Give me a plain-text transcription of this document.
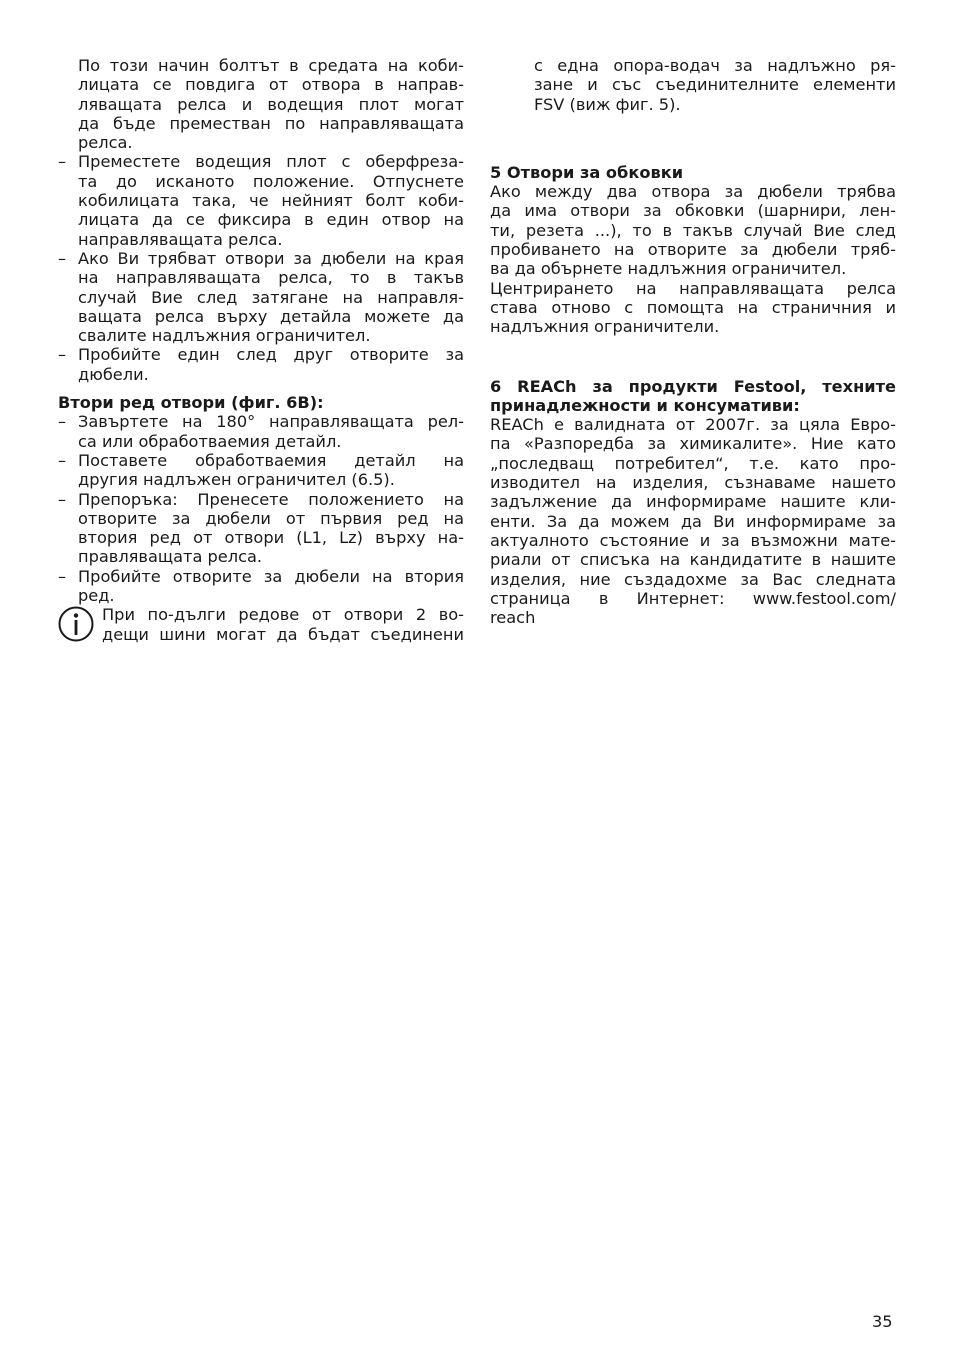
По този начин болтът в средата на коби-
лицата се повдига от отвора в направ-
ляващата релса и водещия плот могат
да бъде преместван по направляващата
релса.
– Преместете водещия плот с оберфреза-
та до исканото положение. Отпуснете
кобилицата така, че нейният болт коби-
лицата да се фиксира в един отвор на
направляващата релса.
– Ако Ви трябват отвори за дюбели на края
на направляващата релса, то в такъв
случай Вие след затягане на направля-
ващата релса върху детайла можете да
свалите надлъжния ограничител.
– Пробийте един след друг отворите за
дюбели.
Втори ред отвори (фиг. 6B):
– Завъртете на 180° направляващата рел-
са или обработваемия детайл.
– Поставете обработваемия детайл на
другия надлъжен ограничител (6.5).
– Препоръка: Пренесете положението на
отворите за дюбели от първия ред на
втория ред от отвори (L1, Lz) върху на-
правляващата релса.
– Пробийте отворите за дюбели на втория
ред.
При по-дълги редове от отвори 2 во-
дещи шини могат да бъдат съединени
с една опора-водач за надлъжно ря-
зане и със съединителните елементи
FSV (виж фиг. 5).
5 Отвори за обковки
Ако между два отвора за дюбели трябва
да има отвори за обковки (шарнири, лен-
ти, резета ...), то в такъв случай Вие след
пробиването на отворите за дюбели тряб-
ва да обърнете надлъжния ограничител.
Центрирането на направляващата релса
става отново с помощта на страничния и
надлъжния ограничители.
6 REACh за продукти Festool, техните
принадлежности и консумативи:
REACh е валидната от 2007г. за цяла Евро-
па «Разпоредба за химикалите». Ние като
„последващ потребител“, т.е. като про-
изводител на изделия, съзнаваме нашето
задължение да информираме нашите кли-
енти. За да можем да Ви информираме за
актуалното състояние и за възможни мате-
риали от списъка на кандидатите в нашите
изделия, ние създадохме за Вас следната
страница в Интернет: www.festool.com/
reach
35
